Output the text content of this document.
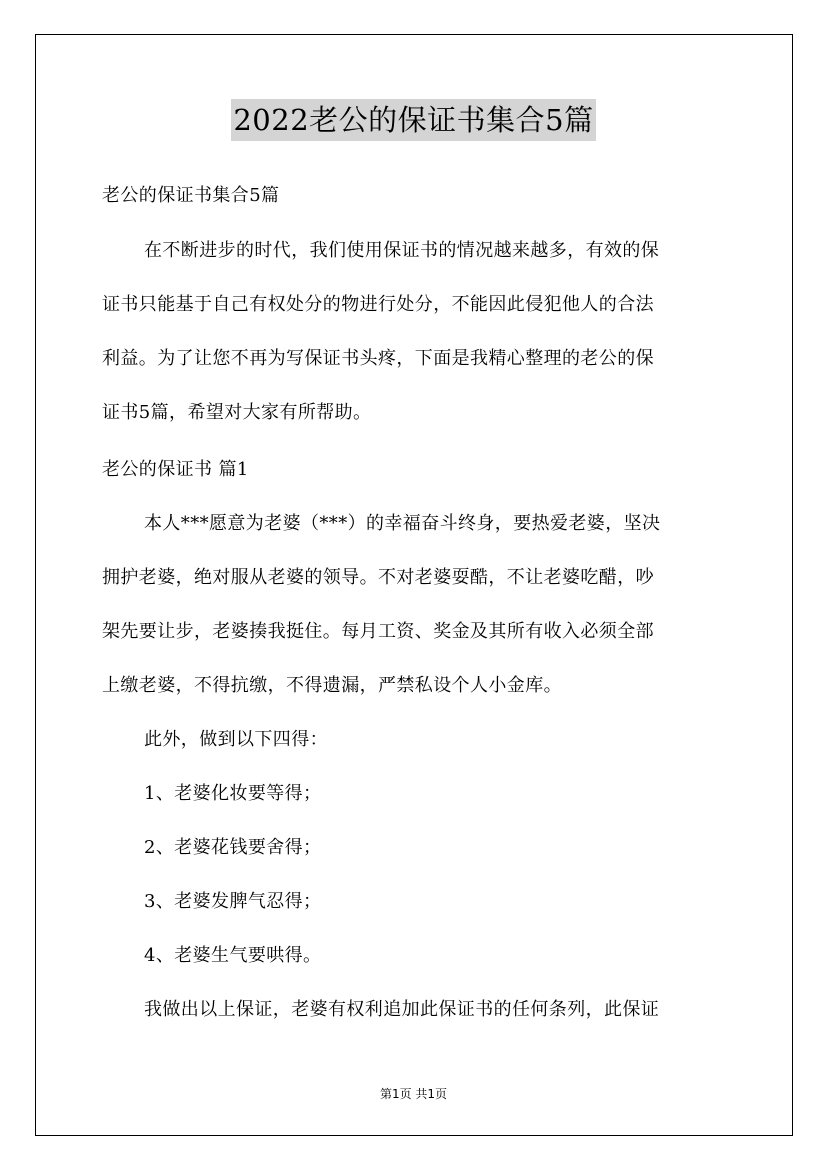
2022老公的保证书集合5篇
老公的保证书集合5篇
在不断进步的时代，我们使用保证书的情况越来越多，有效的保
证书只能基于自己有权处分的物进行处分，不能因此侵犯他人的合法
利益。为了让您不再为写保证书头疼，下面是我精心整理的老公的保
证书5篇，希望对大家有所帮助。
老公的保证书 篇1
本人***愿意为老婆（***）的幸福奋斗终身，要热爱老婆，坚决
拥护老婆，绝对服从老婆的领导。不对老婆耍酷，不让老婆吃醋，吵
架先要让步，老婆揍我挺住。每月工资、奖金及其所有收入必须全部
上缴老婆，不得抗缴，不得遗漏，严禁私设个人小金库。
此外，做到以下四得：
1、老婆化妆要等得；
2、老婆花钱要舍得；
3、老婆发脾气忍得；
4、老婆生气要哄得。
我做出以上保证，老婆有权利追加此保证书的任何条列，此保证
第1页 共1页
